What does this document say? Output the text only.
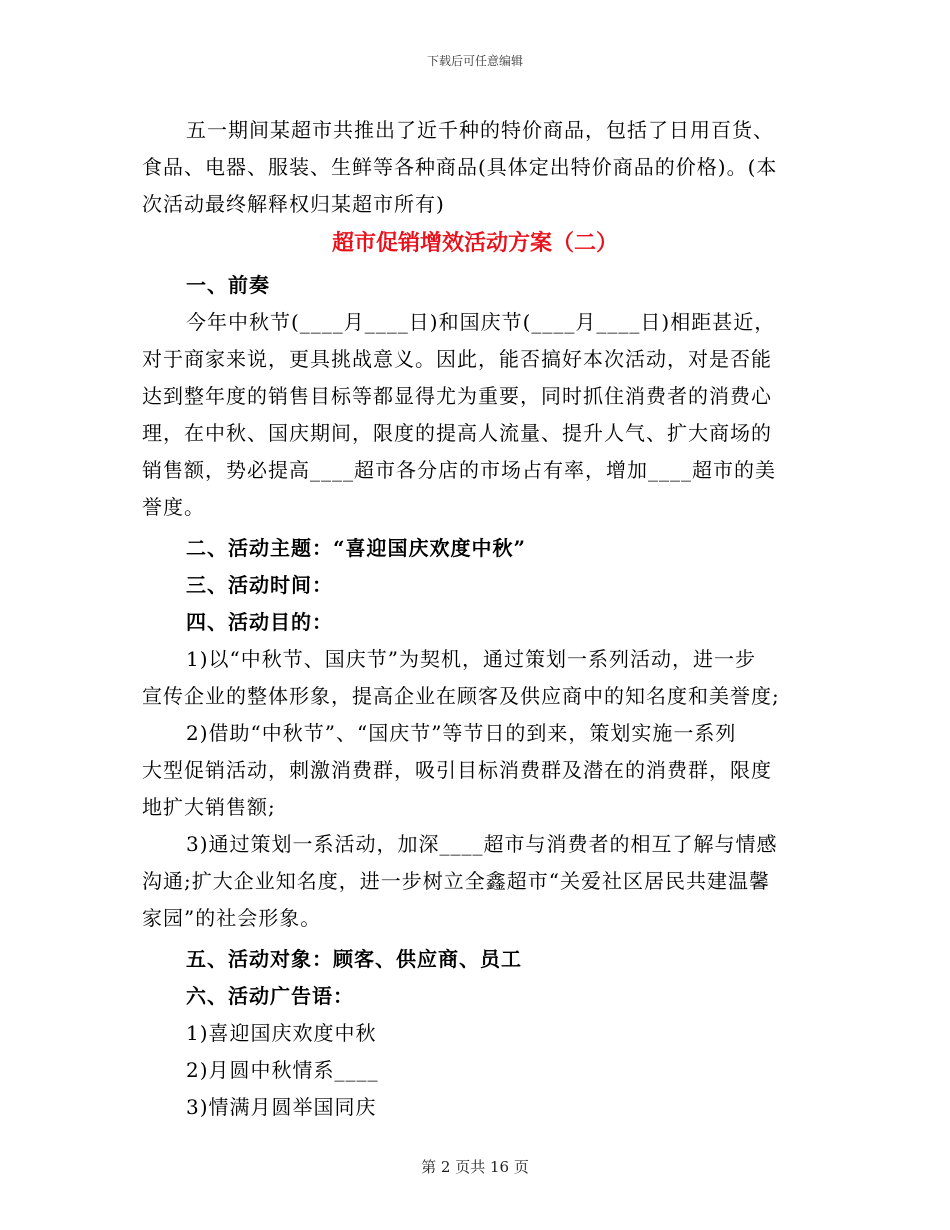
下载后可任意编辑

五一期间某超市共推出了近千种的特价商品，包括了日用百货、

食品、电器、服装、生鲜等各种商品(具体定出特价商品的价格)。(本

次活动最终解释权归某超市所有)

超市促销增效活动方案（二）

一、前奏

今年中秋节(____月____日)和国庆节(____月____日)相距甚近，

对于商家来说，更具挑战意义。因此，能否搞好本次活动，对是否能

达到整年度的销售目标等都显得尤为重要，同时抓住消费者的消费心

理，在中秋、国庆期间，限度的提高人流量、提升人气、扩大商场的

销售额，势必提高____超市各分店的市场占有率，增加____超市的美

誉度。

二、活动主题：“喜迎国庆欢度中秋”

三、活动时间：

四、活动目的：

1)以“中秋节、国庆节”为契机，通过策划一系列活动，进一步

宣传企业的整体形象，提高企业在顾客及供应商中的知名度和美誉度;

2)借助“中秋节”、“国庆节”等节日的到来，策划实施一系列

大型促销活动，刺激消费群，吸引目标消费群及潜在的消费群，限度

地扩大销售额;

3)通过策划一系活动，加深____超市与消费者的相互了解与情感

沟通;扩大企业知名度，进一步树立全鑫超市“关爱社区居民共建温馨

家园”的社会形象。

五、活动对象：顾客、供应商、员工

六、活动广告语：

1)喜迎国庆欢度中秋

2)月圆中秋情系____

3)情满月圆举国同庆

第 2 页共 16 页
